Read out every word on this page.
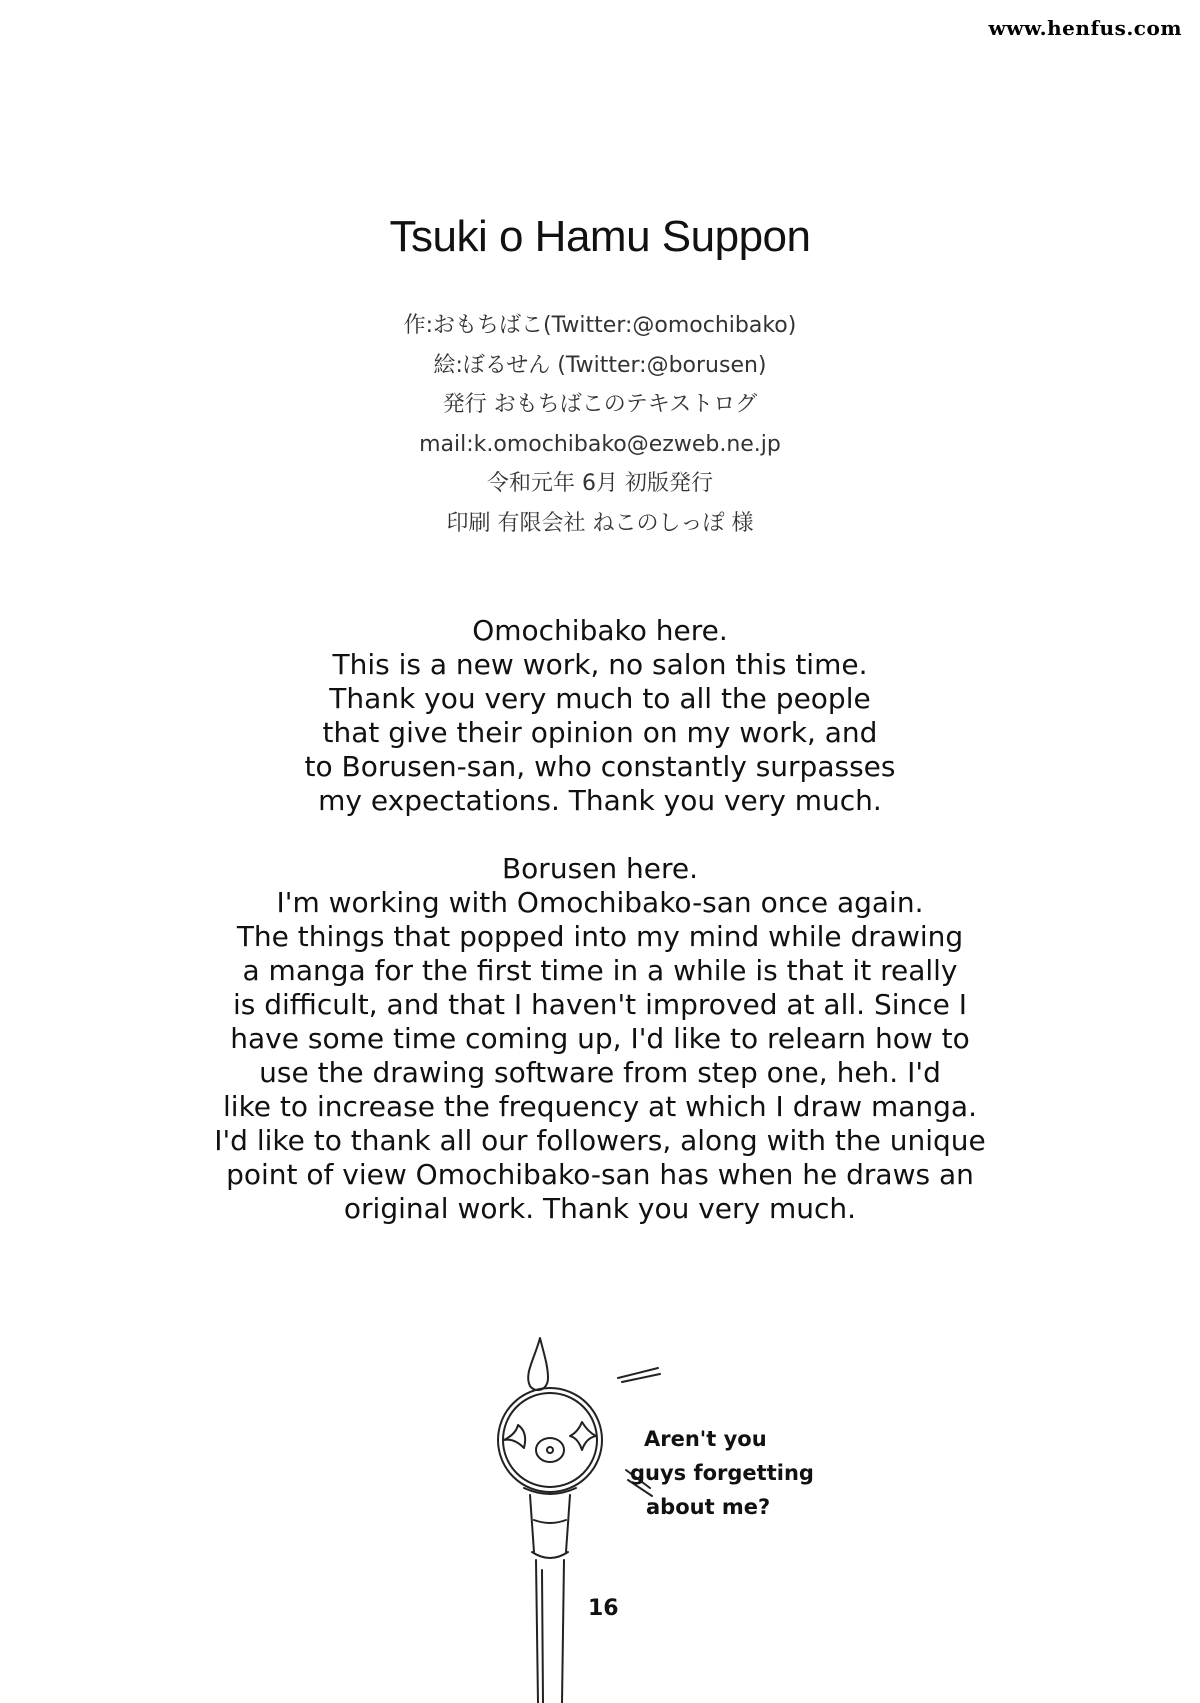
www.henfus.com
Tsuki o Hamu Suppon
作:おもちばこ(Twitter:@omochibako)
絵:ぼるせん (Twitter:@borusen)
発行 おもちばこのテキストログ
mail:k.omochibako@ezweb.ne.jp
令和元年 6月 初版発行
印刷 有限会社 ねこのしっぽ 様
Omochibako here.
This is a new work, no salon this time.
Thank you very much to all the people
that give their opinion on my work, and
to Borusen-san, who constantly surpasses
my expectations. Thank you very much.
Borusen here.
I'm working with Omochibako-san once again.
The things that popped into my mind while drawing
a manga for the first time in a while is that it really
is difficult, and that I haven't improved at all. Since I
have some time coming up, I'd like to relearn how to
use the drawing software from step one, heh. I'd
like to increase the frequency at which I draw manga.
I'd like to thank all our followers, along with the unique
point of view Omochibako-san has when he draws an
original work. Thank you very much.
Aren't you
guys forgetting
about me?
16
